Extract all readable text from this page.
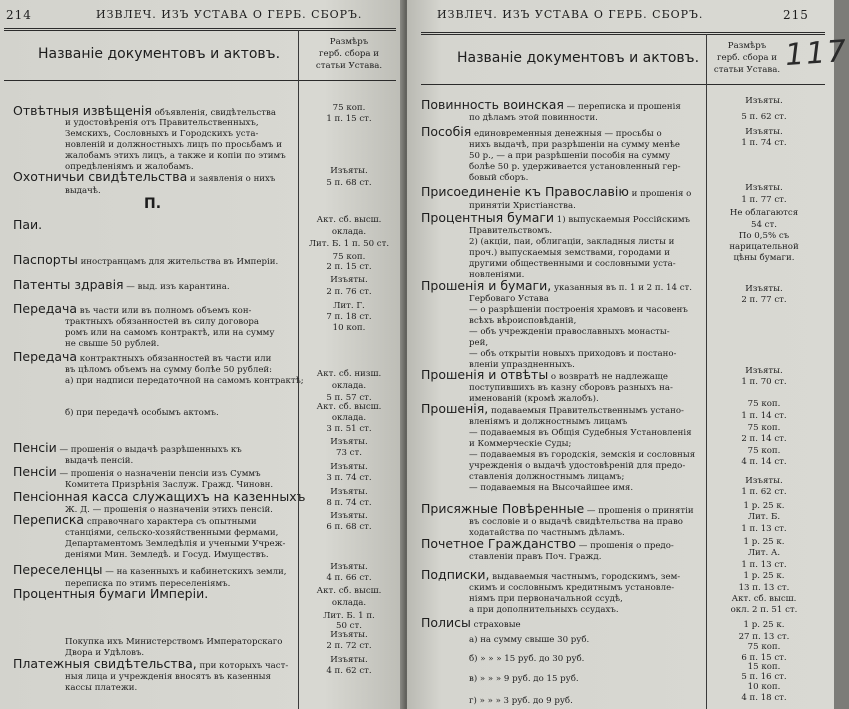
214	ИЗВЛЕЧ. ИЗЪ УСТАВА О ГЕРБ. СБОРЪ.
Названіе документовъ и актовъ.
Размѣръ
герб. сбора и
статьи Устава.
Отвѣтныя извѣщенія объявленія, свидѣтельства
и удостовѣренія отъ Правительственныхъ,
Земскихъ, Сословныхъ и Городскихъ уста-
новленій и должностныхъ лицъ по просьбамъ и
жалобамъ этихъ лицъ, а также и копіи по этимъ
опредѣленіямъ и жалобамъ.
Охотничьи свидѣтельства и заявленія о нихъ
выдачѣ.
Паи.
Паспорты иностранцамъ для жительства въ Имперіи.
Патенты здравія — выд. изъ карантина.
Передача въ части или въ полномъ объемъ кон-
трактныхъ обязанностей въ силу договора
ромъ или на самомъ контрактѣ, или на сумму
не свыше 50 рублей.
Передача контрактныхъ обязанностей въ части или
въ цѣломъ объемъ на сумму болѣе 50 рублей:
а) при надписи передаточной на самомъ контрактѣ;
б) при передачѣ особымъ актомъ.
Пенсіи — прошенія о выдачѣ разрѣшенныхъ къ
выдачѣ пенсій.
Пенсіи — прошенія о назначеніи пенсіи изъ Суммъ
Комитета Призрѣнія Заслуж. Гражд. Чиновн.
Пенсіонная касса служащихъ на казенныхъ
Ж. Д. — прошенія о назначеніи этихъ пенсій.
Переписка справочнаго характера съ опытными
станціями, сельско-хозяйственными фермами,
Департаментомъ Земледѣлія и учеными Учреж-
деніями Мин. Земледѣ. и Госуд. Имуществъ.
Переселенцы — на казенныхъ и кабинетскихъ земли,
переписка по этимъ переселеніямъ.
Процентныя бумаги Имперіи.
Покупка ихъ Министерствомъ Императорскаго
Двора и Удѣловъ.
Платежныя свидѣтельства, при которыхъ част-
ныя лица и учрежденія вносятъ въ казенныя
кассы платежи.
П.
75 коп.
1 п. 15 ст.
Изъяты.
5 п. 68 ст.
Акт. сб. высш.
оклада.
Лит. Б. 1 п. 50 ст.
75 коп.
2 п. 15 ст.
Изъяты.
2 п. 76 ст.
Лит. Г.
7 п. 18 ст.
10 коп.
Акт. сб. низш.
оклада.
5 п. 57 ст.
Акт. сб. высш.
оклада.
3 п. 51 ст.
Изъяты.
73 ст.
Изъяты.
3 п. 74 ст.
Изъяты.
8 п. 74 ст.
Изъяты.
6 п. 68 ст.
Изъяты.
4 п. 66 ст.
Акт. сб. высш.
оклада.
Лит. Б. 1 п.
50 ст.
Изъяты.
2 п. 72 ст.
Изъяты.
4 п. 62 ст.
ИЗВЛЕЧ. ИЗЪ УСТАВА О ГЕРБ. СБОРЪ.	215
117
Названіе документовъ и актовъ.
Размѣръ
герб. сбора и
статьи Устава.
Повинность воинская — переписка и прошенія
по дѣламъ этой повинности.
Пособія единовременныя денежныя — просьбы о
нихъ выдачѣ, при разрѣшеніи на сумму менѣе
50 р., — а при разрѣшеніи пособія на сумму
болѣе 50 р. удерживается установленный гер-
бовый сборъ.
Присоединеніе къ Православію и прошенія о
принятіи Христіанства.
Процентныя бумаги 1) выпускаемыя Россійскимъ
Правительствомъ.
2) (акціи, паи, облигаціи, закладныя листы и
проч.) выпускаемыя земствами, городами и
другими общественными и сословными уста-
новленіями.
Прошенія и бумаги, указанныя въ п. 1 и 2 п. 14 ст.
Гербоваго Устава
— о разрѣшеніи построенія храмовъ и часовенъ
всѣхъ вѣроисповѣданій,
— объ учрежденіи православныхъ монасты-
рей,
— объ открытіи новыхъ приходовъ и постано-
вленіи упраздненныхъ.
Прошенія и отвѣты о возвратѣ не надлежаще
поступившихъ въ казну сборовъ разныхъ на-
именованій (кромѣ жалобъ).
Прошенія, подаваемыя Правительственнымъ устано-
вленіямъ и должностнымъ лицамъ
— подаваемыя въ Общія Судебныя Установленія
и Коммерческіе Суды;
— подаваемыя въ городскія, земскія и сословныя
учрежденія о выдачѣ удостовѣреній для предо-
ставленія должностнымъ лицамъ;
— подаваемыя на Высочайшее имя.
Присяжные Повѣренные — прошенія о принятіи
въ сословіе и о выдачѣ свидѣтельства на право
ходатайства по частнымъ дѣламъ.
Почетное Гражданство — прошенія о предо-
ставленіи правъ Поч. Гражд.
Подписки, выдаваемыя частнымъ, городскимъ, зем-
скимъ и сословнымъ кредитнымъ установле-
ніямъ при первоначальной ссудѣ,
а при дополнительныхъ ссудахъ.
Полисы страховые
а) на сумму свыше 30 руб.
б) » » » 15 руб. до 30 руб.
в) » » » 9 руб. до 15 руб.
г) » » » 3 руб. до 9 руб.
Изъяты.
5 п. 62 ст.
Изъяты.
1 п. 74 ст.
Изъяты.
1 п. 77 ст.
Не облагаются
54 ст.
По 0,5% съ
нарицательной
цѣны бумаги.
Изъяты.
2 п. 77 ст.
Изъяты.
1 п. 70 ст.
75 коп.
1 п. 14 ст.
75 коп.
2 п. 14 ст.
75 коп.
4 п. 14 ст.
Изъяты.
1 п. 62 ст.
1 р. 25 к.
Лит. Б.
1 п. 13 ст.
1 р. 25 к.
Лит. А.
1 п. 13 ст.
1 р. 25 к.
13 п. 13 ст.
Акт. сб. высш.
окл. 2 п. 51 ст.
1 р. 25 к.
27 п. 13 ст.
75 коп.
6 п. 15 ст.
15 коп.
5 п. 16 ст.
10 коп.
4 п. 18 ст.
